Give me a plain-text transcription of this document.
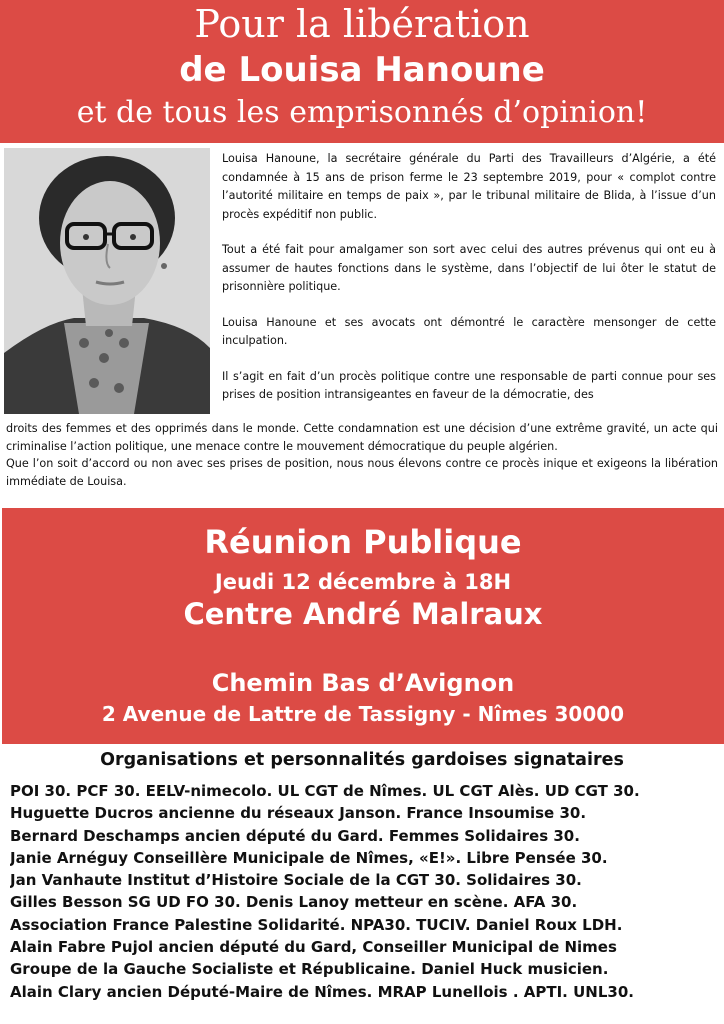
Pour la libération
de Louisa Hanoune
et de tous les emprisonnés d’opinion!

Louisa Hanoune, la secrétaire générale du Parti des Travailleurs d’Algérie, a été condamnée à 15 ans de prison ferme le 23 septembre 2019, pour « complot contre l’autorité militaire en temps de paix », par le tribunal militaire de Blida, à l’issue d’un procès expéditif non public.

Tout a été fait pour amalgamer son sort avec celui des autres prévenus qui ont eu à assumer de hautes fonctions dans le système, dans l’objectif de lui ôter le statut de prisonnière politique.

Louisa Hanoune et ses avocats ont démontré le caractère mensonger de cette inculpation.

Il s’agit en fait d’un procès politique contre une responsable de parti connue pour ses prises de position intransigeantes en faveur de la démocratie, des

droits des femmes et des opprimés dans le monde. Cette condamnation est une décision d’une extrême gravité, un acte qui criminalise l’action politique, une menace contre le mouvement démocratique du peuple algérien.

Que l’on soit d’accord ou non avec ses prises de position, nous nous élevons contre ce procès inique et exigeons la libération immédiate de Louisa.

Réunion Publique
Jeudi 12 décembre à 18H
Centre André Malraux
Chemin Bas d’Avignon
2 Avenue de Lattre de Tassigny - Nîmes 30000
Organisations et personnalités gardoises signataires
POI 30. PCF 30. EELV-nimecolo. UL CGT de Nîmes. UL CGT Alès. UD CGT 30.
Huguette Ducros ancienne du réseaux Janson. France Insoumise 30.
Bernard Deschamps ancien député du Gard. Femmes Solidaires 30.
Janie Arnéguy Conseillère Municipale de Nîmes, «E!». Libre Pensée 30.
Jan Vanhaute Institut d’Histoire Sociale de la CGT 30. Solidaires 30.
Gilles Besson SG UD FO 30. Denis Lanoy metteur en scène. AFA 30.
Association France Palestine Solidarité. NPA30. TUCIV. Daniel Roux LDH.
Alain Fabre Pujol ancien député du Gard, Conseiller Municipal de Nimes
Groupe de la Gauche Socialiste et Républicaine. Daniel Huck musicien.
Alain Clary ancien Député-Maire de Nîmes. MRAP Lunellois . APTI. UNL30.
